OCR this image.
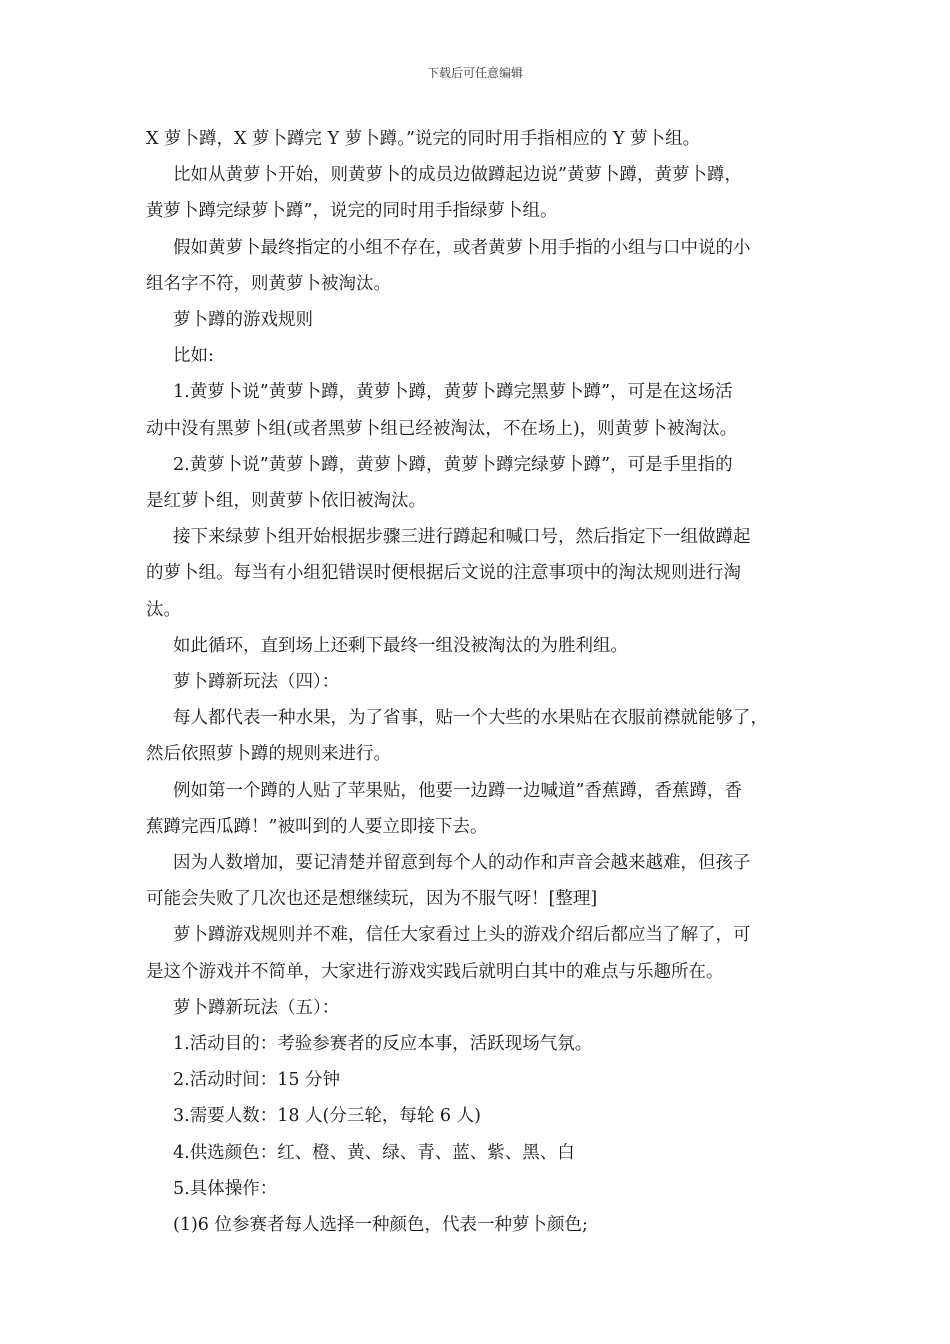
下载后可任意编辑

X 萝卜蹲，X 萝卜蹲完 Y 萝卜蹲。”说完的同时用手指相应的 Y 萝卜组。

比如从黄萝卜开始，则黄萝卜的成员边做蹲起边说”黄萝卜蹲，黄萝卜蹲，

黄萝卜蹲完绿萝卜蹲”，说完的同时用手指绿萝卜组。

假如黄萝卜最终指定的小组不存在，或者黄萝卜用手指的小组与口中说的小

组名字不符，则黄萝卜被淘汰。

萝卜蹲的游戏规则

比如:

1.黄萝卜说”黄萝卜蹲，黄萝卜蹲，黄萝卜蹲完黑萝卜蹲”，可是在这场活

动中没有黑萝卜组(或者黑萝卜组已经被淘汰，不在场上)，则黄萝卜被淘汰。

2.黄萝卜说”黄萝卜蹲，黄萝卜蹲，黄萝卜蹲完绿萝卜蹲”，可是手里指的

是红萝卜组，则黄萝卜依旧被淘汰。

接下来绿萝卜组开始根据步骤三进行蹲起和喊口号，然后指定下一组做蹲起

的萝卜组。每当有小组犯错误时便根据后文说的注意事项中的淘汰规则进行淘

汰。

如此循环，直到场上还剩下最终一组没被淘汰的为胜利组。

萝卜蹲新玩法（四）：

每人都代表一种水果，为了省事，贴一个大些的水果贴在衣服前襟就能够了，

然后依照萝卜蹲的规则来进行。

例如第一个蹲的人贴了苹果贴，他要一边蹲一边喊道”香蕉蹲，香蕉蹲，香

蕉蹲完西瓜蹲！”被叫到的人要立即接下去。

因为人数增加，要记清楚并留意到每个人的动作和声音会越来越难，但孩子

可能会失败了几次也还是想继续玩，因为不服气呀！[整理]

萝卜蹲游戏规则并不难，信任大家看过上头的游戏介绍后都应当了解了，可

是这个游戏并不简单，大家进行游戏实践后就明白其中的难点与乐趣所在。

萝卜蹲新玩法（五）：

1.活动目的：考验参赛者的反应本事，活跃现场气氛。

2.活动时间：15 分钟

3.需要人数：18 人(分三轮，每轮 6 人)

4.供选颜色：红、橙、黄、绿、青、蓝、紫、黑、白

5.具体操作：

(1)6 位参赛者每人选择一种颜色，代表一种萝卜颜色;
